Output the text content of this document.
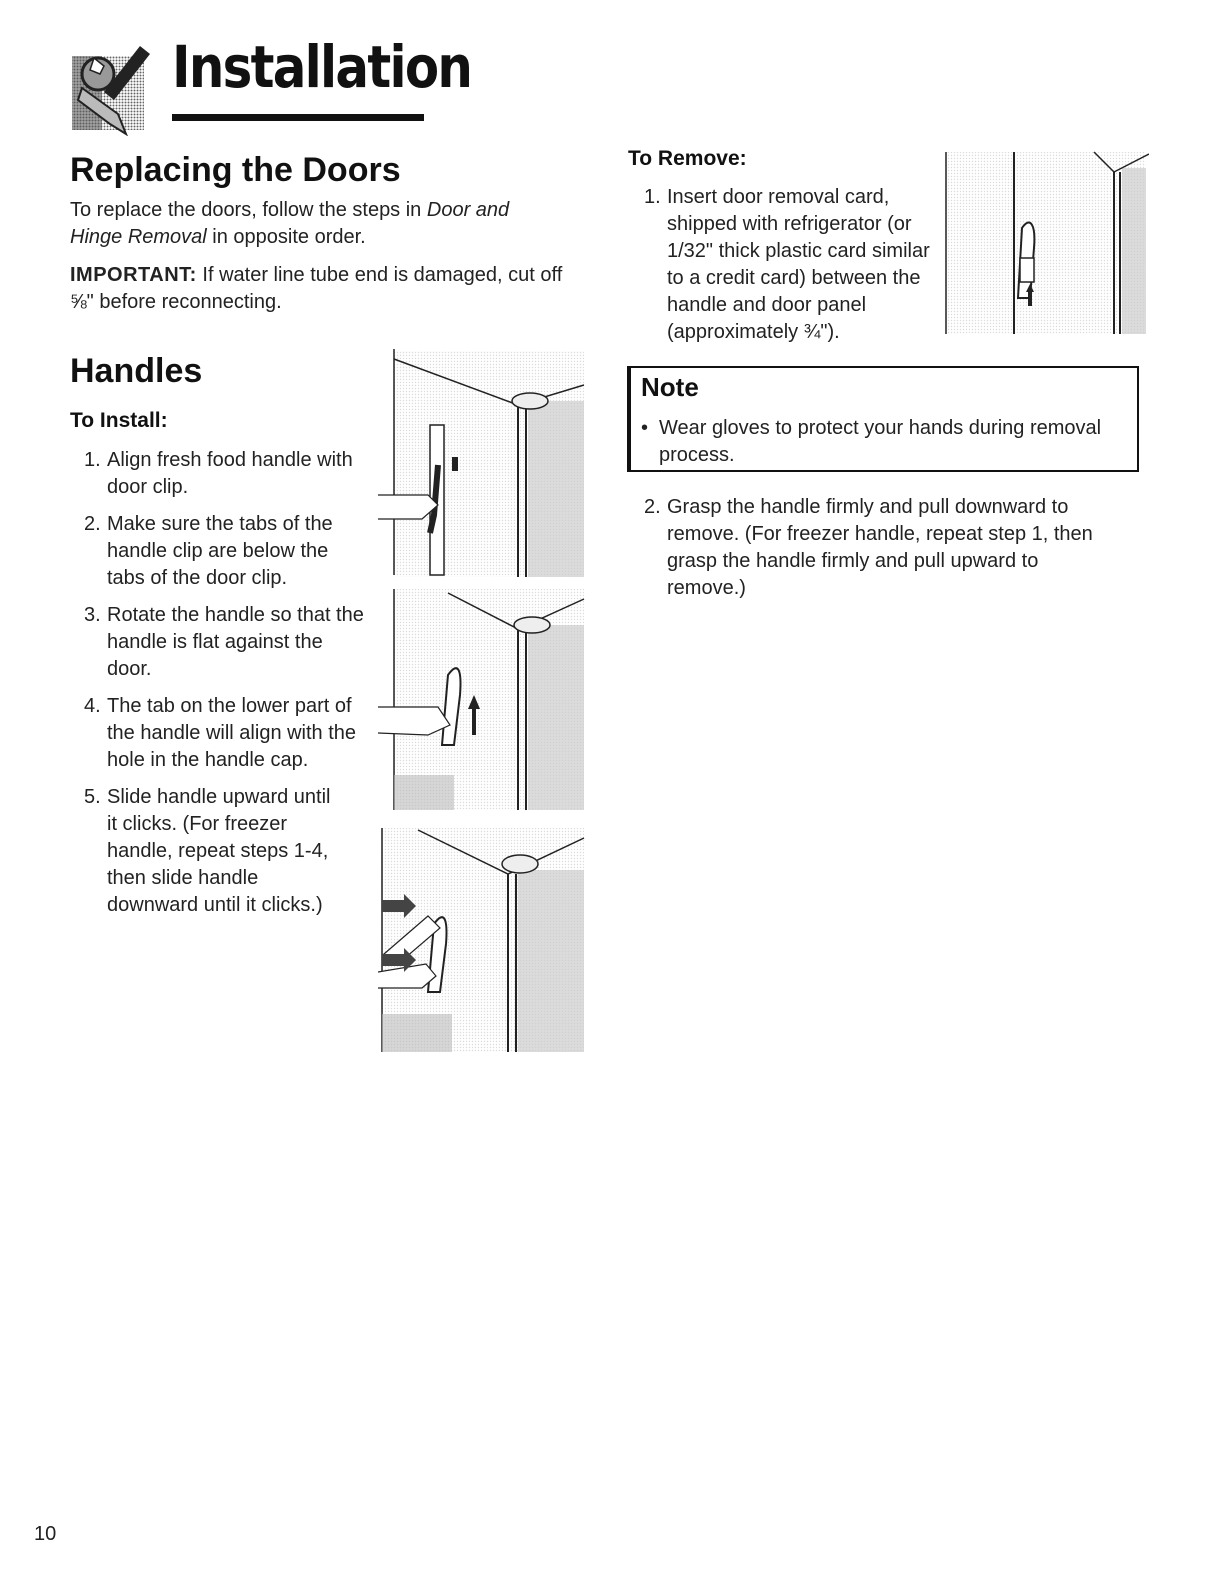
Installation
Replacing the Doors

To replace the doors, follow the steps in Door and Hinge Removal in opposite order.

IMPORTANT: If water line tube end is damaged, cut off ⅝" before reconnecting.

Handles
To Install:
1. Align fresh food handle with door clip.
2. Make sure the tabs of the handle clip are below the tabs of the door clip.
3. Rotate the handle so that the handle is flat against the door.
4. The tab on the lower part of the handle will align with the hole in the handle cap.
5. Slide handle upward until it clicks. (For freezer handle, repeat steps 1-4, then slide handle downward until it clicks.)
To Remove:
1. Insert door removal card, shipped with refrigerator (or 1/32" thick plastic card similar to a credit card) between the handle and door panel (approximately ¾").
Note
• Wear gloves to protect your hands during removal process.
2. Grasp the handle firmly and pull downward to remove. (For freezer handle, repeat step 1, then grasp the handle firmly and pull upward to remove.)
10
